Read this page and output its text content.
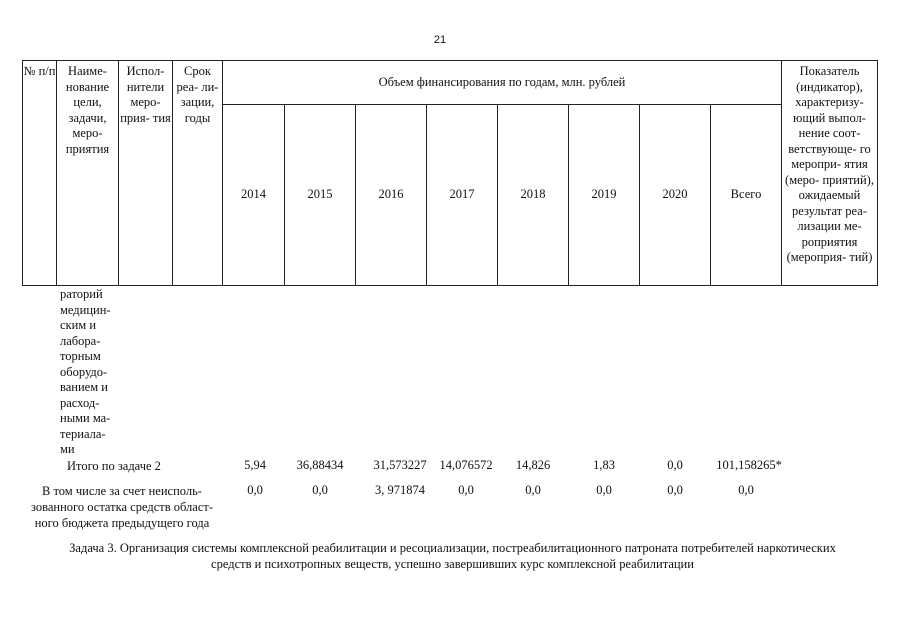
21
№ п/п	Наиме- нование цели, задачи, меро- приятия	Испол- нители меро- прия- тия	Срок реа- ли- зации, годы	Объем финансирования по годам, млн. рублей								Показатель (индикатор), характеризу- ющий выпол- нение соот- ветствующе- го меропри- ятия (меро- приятий), ожидаемый результат реа- лизации ме- роприятия (мероприя- тий)
				2014	2015	2016	2017	2018	2019	2020	Всего	
раторий
медицин-
ским и
лабора-
торным
оборудо-
ванием и
расход-
ными ма-
териала-
ми
Итого по задаче 2	5,94	36,88434	31,573227	14,076572	14,826	1,83	0,0	101,158265*
В том числе за счет неисполь-
зованного остатка средств област-
ного бюджета предыдущего года
0,0	0,0	3, 971874	0,0	0,0	0,0	0,0	0,0
Задача 3. Организация системы комплексной реабилитации и ресоциализации, постреабилитационного патроната потребителей наркотических
средств и психотропных веществ, успешно завершивших курс комплексной реабилитации
